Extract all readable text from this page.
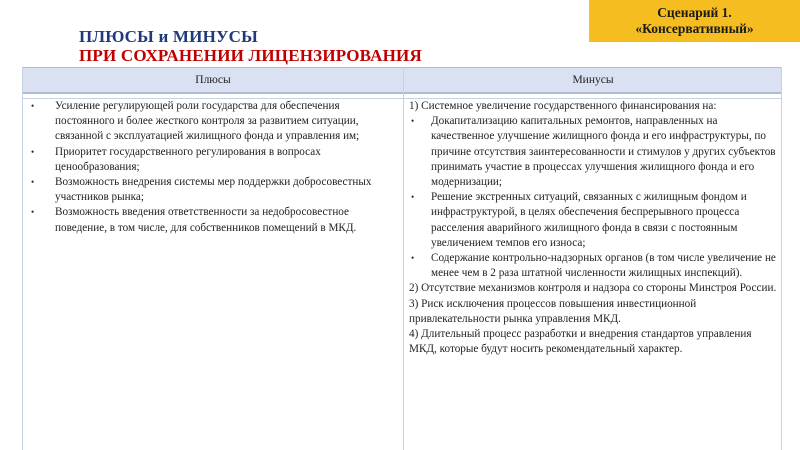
ПЛЮСЫ и МИНУСЫ
ПРИ СОХРАНЕНИИ ЛИЦЕНЗИРОВАНИЯ
Сценарий 1.
«Консервативный»
Плюсы	Минусы
• Усиление регулирующей роли государства для обеспечения постоянного и более жесткого контроля за развитием ситуации, связанной с эксплуатацией жилищного фонда и управления им;
• Приоритет государственного регулирования в вопросах ценообразования;
• Возможность внедрения системы мер поддержки добросовестных участников рынка;
• Возможность введения ответственности за недобросовестное поведение, в том числе, для собственников помещений в МКД.
1) Системное увеличение государственного финансирования на:
• Докапитализацию капитальных ремонтов, направленных на качественное улучшение жилищного фонда и его инфраструктуры, по причине отсутствия заинтересованности и стимулов у других субъектов принимать участие в процессах улучшения жилищного фонда и его модернизации;
• Решение экстренных ситуаций, связанных с жилищным фондом и инфраструктурой, в целях обеспечения беспрерывного процесса расселения аварийного жилищного фонда в связи с постоянным увеличением темпов его износа;
• Содержание контрольно-надзорных органов (в том числе увеличение не менее чем в 2 раза штатной численности жилищных инспекций).
2) Отсутствие механизмов контроля и надзора со стороны Минстроя России.
3) Риск исключения процессов повышения инвестиционной привлекательности рынка управления МКД.
4) Длительный процесс разработки и внедрения стандартов управления МКД, которые будут носить рекомендательный характер.
